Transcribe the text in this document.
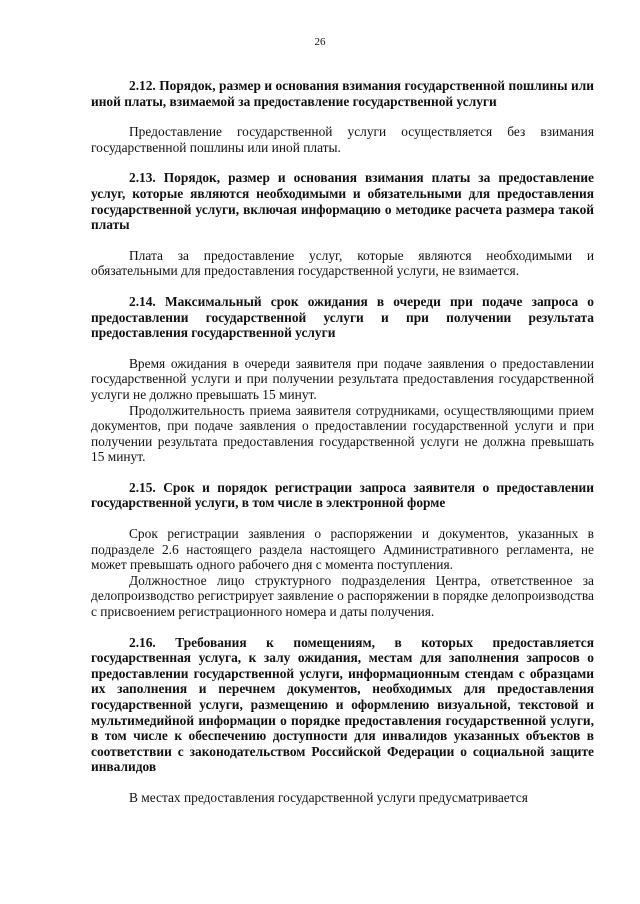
26

2.12. Порядок, размер и основания взимания государственной пошлины или иной платы, взимаемой за предоставление государственной услуги

Предоставление государственной услуги осуществляется без взимания государственной пошлины или иной платы.

2.13. Порядок, размер и основания взимания платы за предоставление услуг, которые являются необходимыми и обязательными для предоставления государственной услуги, включая информацию о методике расчета размера такой платы

Плата за предоставление услуг, которые являются необходимыми и обязательными для предоставления государственной услуги, не взимается.

2.14. Максимальный срок ожидания в очереди при подаче запроса о предоставлении государственной услуги и при получении результата предоставления государственной услуги

Время ожидания в очереди заявителя при подаче заявления о предоставлении государственной услуги и при получении результата предоставления государственной услуги не должно превышать 15 минут.

Продолжительность приема заявителя сотрудниками, осуществляющими прием документов, при подаче заявления о предоставлении государственной услуги и при получении результата предоставления государственной услуги не должна превышать 15 минут.

2.15. Срок и порядок регистрации запроса заявителя о предоставлении государственной услуги, в том числе в электронной форме

Срок регистрации заявления о распоряжении и документов, указанных в подразделе 2.6 настоящего раздела настоящего Административного регламента, не может превышать одного рабочего дня с момента поступления.

Должностное лицо структурного подразделения Центра, ответственное за делопроизводство регистрирует заявление о распоряжении в порядке делопроизводства с присвоением регистрационного номера и даты получения.

2.16. Требования к помещениям, в которых предоставляется государственная услуга, к залу ожидания, местам для заполнения запросов о предоставлении государственной услуги, информационным стендам с образцами их заполнения и перечнем документов, необходимых для предоставления государственной услуги, размещению и оформлению визуальной, текстовой и мультимедийной информации о порядке предоставления государственной услуги, в том числе к обеспечению доступности для инвалидов указанных объектов в соответствии с законодательством Российской Федерации о социальной защите инвалидов

В местах предоставления государственной услуги предусматривается
